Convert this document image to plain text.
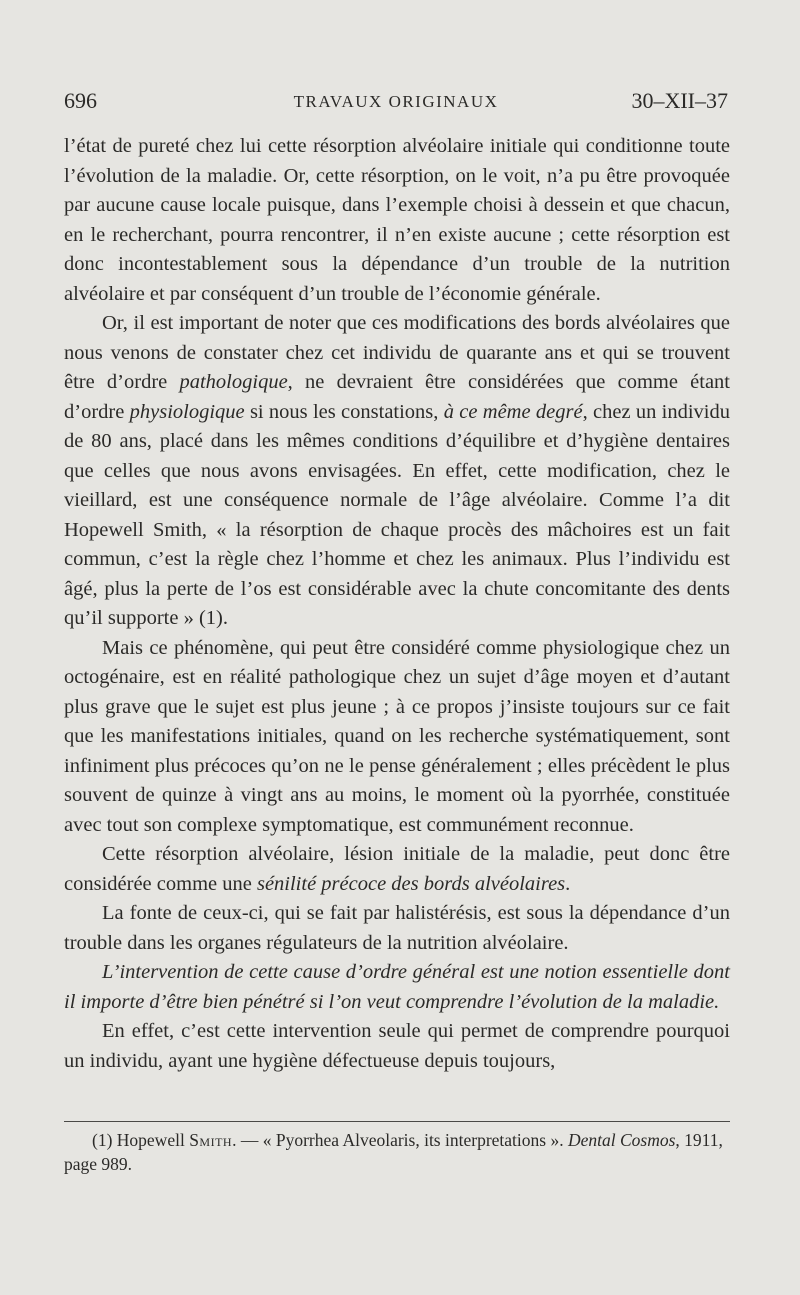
696	TRAVAUX ORIGINAUX	30–XII–37

l’état de pureté chez lui cette résorption alvéolaire initiale qui conditionne toute l’évolution de la maladie. Or, cette résorption, on le voit, n’a pu être provoquée par aucune cause locale puisque, dans l’exemple choisi à dessein et que chacun, en le recherchant, pourra rencontrer, il n’en existe aucune ; cette résorption est donc incontestablement sous la dépendance d’un trouble de la nutrition alvéolaire et par conséquent d’un trouble de l’économie générale.

Or, il est important de noter que ces modifications des bords alvéolaires que nous venons de constater chez cet individu de quarante ans et qui se trouvent être d’ordre pathologique, ne devraient être considérées que comme étant d’ordre physiologique si nous les constations, à ce même degré, chez un individu de 80 ans, placé dans les mêmes conditions d’équilibre et d’hygiène dentaires que celles que nous avons envisagées. En effet, cette modification, chez le vieillard, est une conséquence normale de l’âge alvéolaire. Comme l’a dit Hopewell Smith, « la résorption de chaque procès des mâchoires est un fait commun, c’est la règle chez l’homme et chez les animaux. Plus l’individu est âgé, plus la perte de l’os est considérable avec la chute concomitante des dents qu’il supporte » (1).

Mais ce phénomène, qui peut être considéré comme physiologique chez un octogénaire, est en réalité pathologique chez un sujet d’âge moyen et d’autant plus grave que le sujet est plus jeune ; à ce propos j’insiste toujours sur ce fait que les manifestations initiales, quand on les recherche systématiquement, sont infiniment plus précoces qu’on ne le pense généralement ; elles précèdent le plus souvent de quinze à vingt ans au moins, le moment où la pyorrhée, constituée avec tout son complexe symptomatique, est communément reconnue.

Cette résorption alvéolaire, lésion initiale de la maladie, peut donc être considérée comme une sénilité précoce des bords alvéolaires.

La fonte de ceux-ci, qui se fait par halistérésis, est sous la dépendance d’un trouble dans les organes régulateurs de la nutrition alvéolaire.

L’intervention de cette cause d’ordre général est une notion essentielle dont il importe d’être bien pénétré si l’on veut comprendre l’évolution de la maladie.

En effet, c’est cette intervention seule qui permet de comprendre pourquoi un individu, ayant une hygiène défectueuse depuis toujours,

(1) Hopewell Smith. — « Pyorrhea Alveolaris, its interpretations ». Dental Cosmos, 1911, page 989.
